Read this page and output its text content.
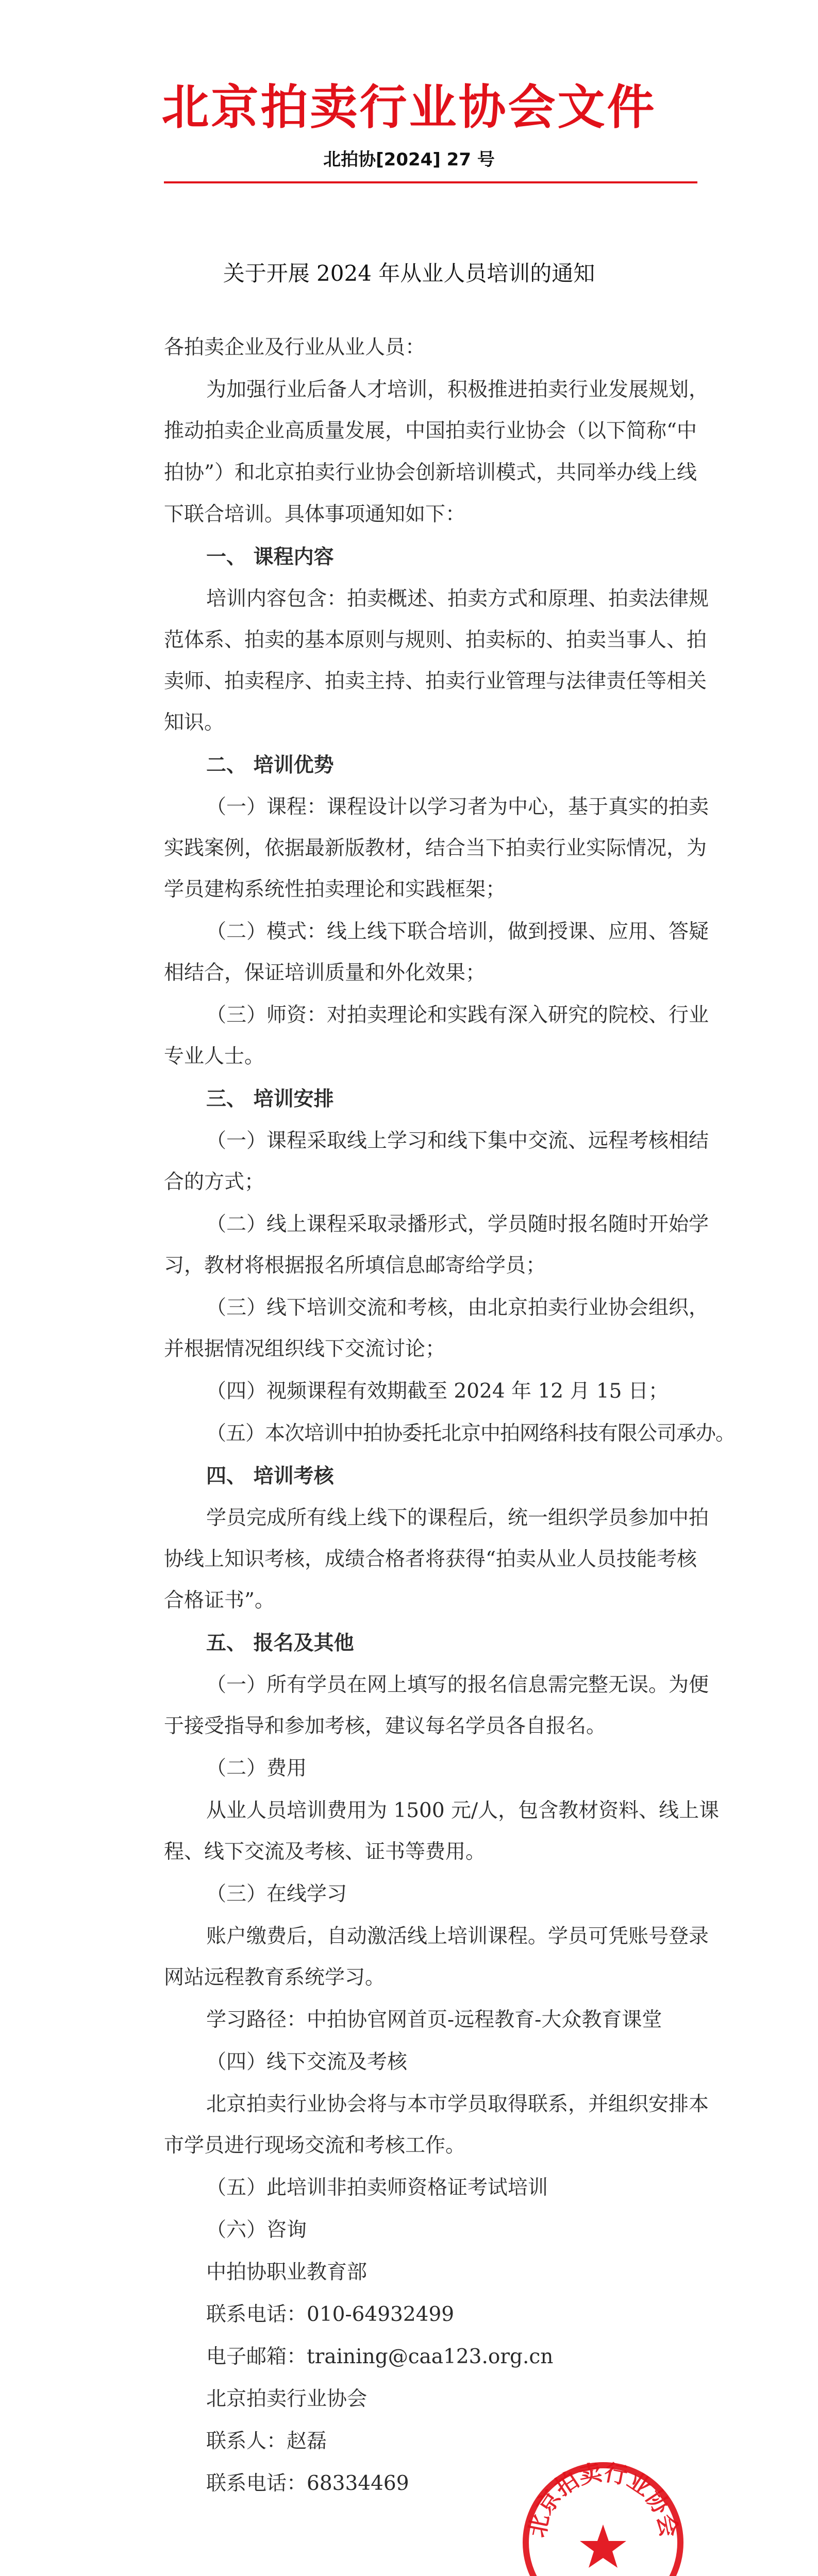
北京拍卖行业协会文件
北拍协[2024] 27 号
关于开展 2024 年从业人员培训的通知
各拍卖企业及行业从业人员：
为加强行业后备人才培训，积极推进拍卖行业发展规划，
推动拍卖企业高质量发展，中国拍卖行业协会（以下简称“中
拍协”）和北京拍卖行业协会创新培训模式，共同举办线上线
下联合培训。具体事项通知如下：
一、 课程内容
培训内容包含：拍卖概述、拍卖方式和原理、拍卖法律规
范体系、拍卖的基本原则与规则、拍卖标的、拍卖当事人、拍
卖师、拍卖程序、拍卖主持、拍卖行业管理与法律责任等相关
知识。
二、 培训优势
（一）课程：课程设计以学习者为中心，基于真实的拍卖
实践案例，依据最新版教材，结合当下拍卖行业实际情况，为
学员建构系统性拍卖理论和实践框架；
（二）模式：线上线下联合培训，做到授课、应用、答疑
相结合，保证培训质量和外化效果；
（三）师资：对拍卖理论和实践有深入研究的院校、行业
专业人士。
三、 培训安排
（一）课程采取线上学习和线下集中交流、远程考核相结
合的方式；
（二）线上课程采取录播形式，学员随时报名随时开始学
习，教材将根据报名所填信息邮寄给学员；
（三）线下培训交流和考核，由北京拍卖行业协会组织，
并根据情况组织线下交流讨论；
（四）视频课程有效期截至 2024 年 12 月 15 日；
（五）本次培训中拍协委托北京中拍网络科技有限公司承办。
四、 培训考核
学员完成所有线上线下的课程后，统一组织学员参加中拍
协线上知识考核，成绩合格者将获得“拍卖从业人员技能考核
合格证书”。
五、 报名及其他
（一）所有学员在网上填写的报名信息需完整无误。为便
于接受指导和参加考核，建议每名学员各自报名。
（二）费用
从业人员培训费用为 1500 元/人，包含教材资料、线上课
程、线下交流及考核、证书等费用。
（三）在线学习
账户缴费后，自动激活线上培训课程。学员可凭账号登录
网站远程教育系统学习。
学习路径：中拍协官网首页-远程教育-大众教育课堂
（四）线下交流及考核
北京拍卖行业协会将与本市学员取得联系，并组织安排本
市学员进行现场交流和考核工作。
（五）此培训非拍卖师资格证考试培训
（六）咨询
中拍协职业教育部
联系电话：010-64932499
电子邮箱：training@caa123.org.cn
北京拍卖行业协会
联系人：赵磊
联系电话：68334469
北京拍卖行业协会
